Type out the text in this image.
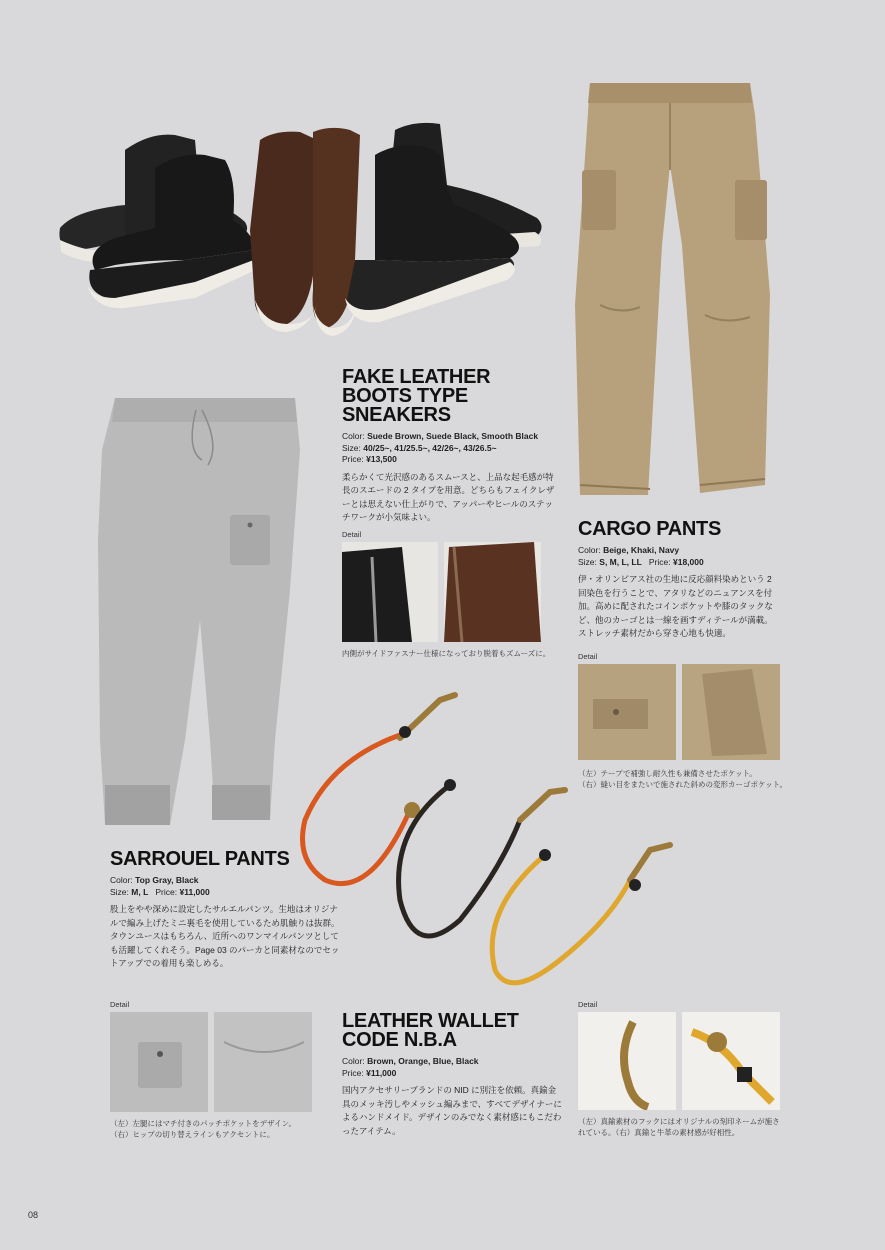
FAKE LEATHER
BOOTS TYPE
SNEAKERS
Color: Suede Brown, Suede Black, Smooth Black
Size: 40/25~, 41/25.5~, 42/26~, 43/26.5~
Price: ¥13,500
柔らかくて光沢感のあるスムースと、上品な起毛感が特長のスエードの 2 タイプを用意。どちらもフェイクレザーとは思えない仕上がりで、アッパーやヒールのステッチワークが小気味よい。
Detail
内側がサイドファスナー仕様になっており脱着もズムーズに。
CARGO PANTS
Color: Beige, Khaki, Navy
Size: S, M, L, LL Price: ¥18,000
伊・オリンピアス社の生地に反応顔料染めという 2 回染色を行うことで、アタリなどのニュアンスを付加。高めに配されたコインポケットや膝のタックなど、他のカーゴとは一線を画すディテールが満載。ストレッチ素材だから穿き心地も快適。
Detail
（左）テープで補強し耐久性も兼備させたポケット。
（右）縫い目をまたいで施された斜めの変形カーゴポケット。
SARROUEL PANTS
Color: Top Gray, Black
Size: M, L Price: ¥11,000
股上をやや深めに設定したサルエルパンツ。生地はオリジナルで編み上げたミニ裏毛を使用しているため肌触りは抜群。タウンユースはもちろん、近所へのワンマイルパンツとしても活躍してくれそう。Page 03 のパーカと同素材なのでセットアップでの着用も楽しめる。
Detail
（左）左腿にはマチ付きのパッチポケットをデザイン。
（右）ヒップの切り替えラインもアクセントに。
LEATHER WALLET
CODE N.B.A
Color: Brown, Orange, Blue, Black
Price: ¥11,000
国内アクセサリーブランドの NID に別注を依頼。真鍮金具のメッキ汚しやメッシュ編みまで、すべてデザイナーによるハンドメイド。デザインのみでなく素材感にもこだわったアイテム。
Detail
（左）真鍮素材のフックにはオリジナルの刻印ネームが施されている。（右）真鍮と牛革の素材感が好相性。
08
